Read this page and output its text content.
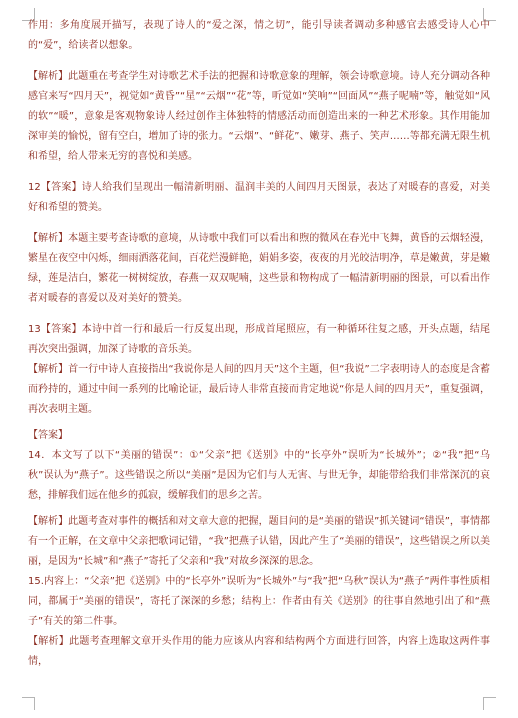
作用：多角度展开描写，表现了诗人的“爱之深，情之切”，能引导读者调动多种感官去感受诗人心中的“爱”，给读者以想象。

【解析】此题重在考查学生对诗歌艺术手法的把握和诗歌意象的理解，领会诗歌意境。诗人充分调动各种感官来写“四月天”，视觉如“黄昏”“星”“云烟”“花”等，听觉如“笑响”“回面风”“燕子呢喃”等，触觉如“风的软”“暖”，意象是客观物象诗人经过创作主体独特的情感活动而创造出来的一种艺术形象。其作用能加深审美的愉悦，留有空白，增加了诗的张力。“云烟”、“鲜花”、嫩芽、燕子、笑声……等都充满无限生机和希望，给人带来无穷的喜悦和美感。

12【答案】诗人给我们呈现出一幅清新明丽、温润丰美的人间四月天图景，表达了对暖春的喜爱，对美好和希望的赞美。

【解析】本题主要考查诗歌的意境，从诗歌中我们可以看出和煦的微风在春光中飞舞，黄昏的云烟轻漫，繁星在夜空中闪烁，细雨洒落花间，百花烂漫鲜艳，娟娟多姿，夜夜的月光皎洁明净，草是嫩黄，芽是嫩绿，莲是洁白，繁花一树树绽放，春燕一双双呢喃，这些景和物构成了一幅清新明丽的图景，可以看出作者对暖春的喜爱以及对美好的赞美。

13【答案】本诗中首一行和最后一行反复出现，形成首尾照应，有一种循环往复之感，开头点题，结尾再次突出强调，加深了诗歌的音乐美。

【解析】首一行中诗人直接指出“我说你是人间的四月天”这个主题，但“我说”二字表明诗人的态度是含蓄而矜持的，通过中间一系列的比喻论证，最后诗人非常直接而肯定地说“你是人间的四月天”，重复强调，再次表明主题。

【答案】

14．本文写了以下“美丽的错误”：①“父亲”把《送别》中的“长亭外”误听为“长城外”；②“我”把“乌秋”误认为“燕子”。这些错误之所以“美丽”是因为它们与人无害、与世无争，却能带给我们非常深沉的哀愁，排解我们远在他乡的孤寂，缓解我们的思乡之苦。

【解析】此题考查对事件的概括和对文章大意的把握，题目问的是“美丽的错误”抓关键词“错误”，事情都有一个正解，在文章中父亲把歌词记错，“我”把燕子认错，因此产生了“美丽的错误”，这些错误之所以美丽，是因为“长城”和“燕子”寄托了父亲和“我”对故乡深深的思念。

15.内容上：“父亲”把《送别》中的“长亭外”误听为“长城外”与“我”把“乌秋”误认为“燕子”两件事性质相同，都属于“美丽的错误”，寄托了深深的乡愁；结构上：作者由有关《送别》的往事自然地引出了和“燕子”有关的第二件事。

【解析】此题考查理解文章开头作用的能力应该从内容和结构两个方面进行回答，内容上选取这两件事情，
